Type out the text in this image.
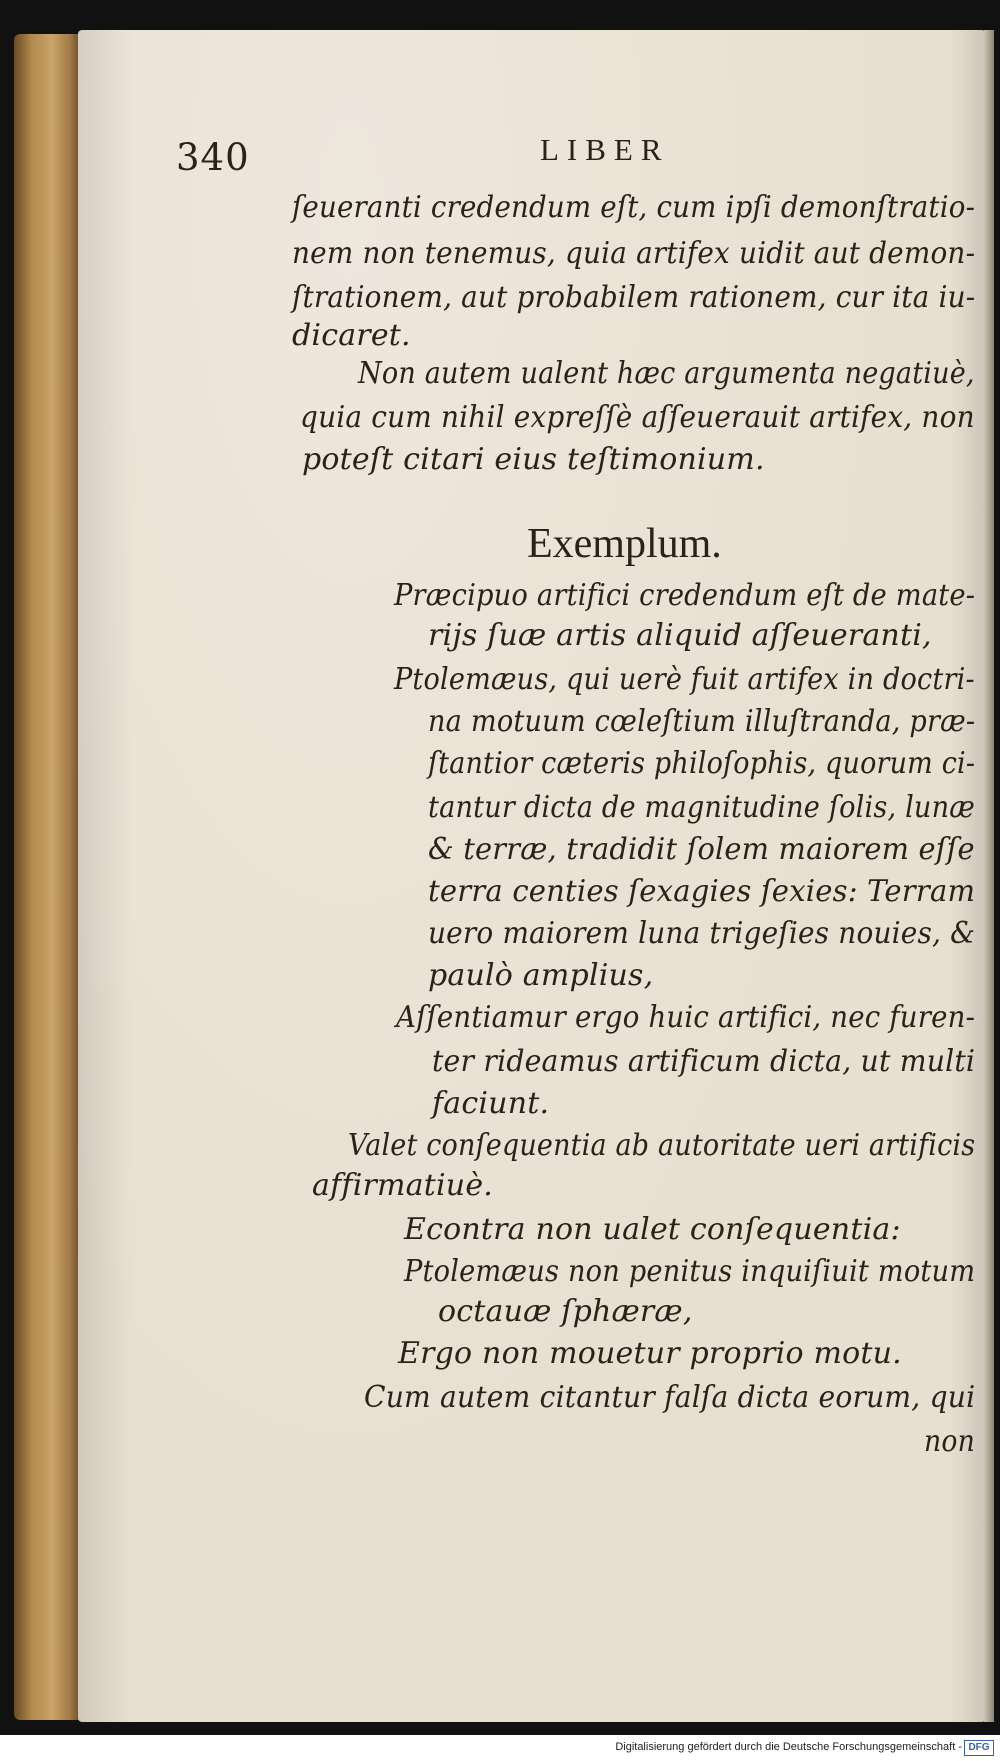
340	LIBER
ſeueranti credendum eſt, cum ipſi demonſtratio-
nem non tenemus, quia artifex uidit aut demon-
ſtrationem, aut probabilem rationem, cur ita iu-
dicaret.
Non autem ualent hæc argumenta negatiuè,
quia cum nihil expreſſè aſſeuerauit artifex, non
poteſt citari eius teſtimonium.
Exemplum.
Præcipuo artifici credendum eſt de mate-
rijs ſuæ artis aliquid aſſeueranti,
Ptolemæus, qui uerè fuit artifex in doctri-
na motuum cœleſtium illuſtranda, præ-
ſtantior cæteris philoſophis, quorum ci-
tantur dicta de magnitudine ſolis, lunæ
& terræ, tradidit ſolem maiorem eſſe
terra centies ſexagies ſexies: Terram
uero maiorem luna trigeſies nouies, &
paulò amplius,
Aſſentiamur ergo huic artifici, nec furen-
ter rideamus artificum dicta, ut multi
faciunt.
Valet conſequentia ab autoritate ueri artificis
affirmatiuè.
Econtra non ualet conſequentia:
Ptolemæus non penitus inquiſiuit motum
octauæ ſphæræ,
Ergo non mouetur proprio motu.
Cum autem citantur falſa dicta eorum, qui
non
Digitalisierung gefördert durch die Deutsche Forschungsgemeinschaft - DFG
